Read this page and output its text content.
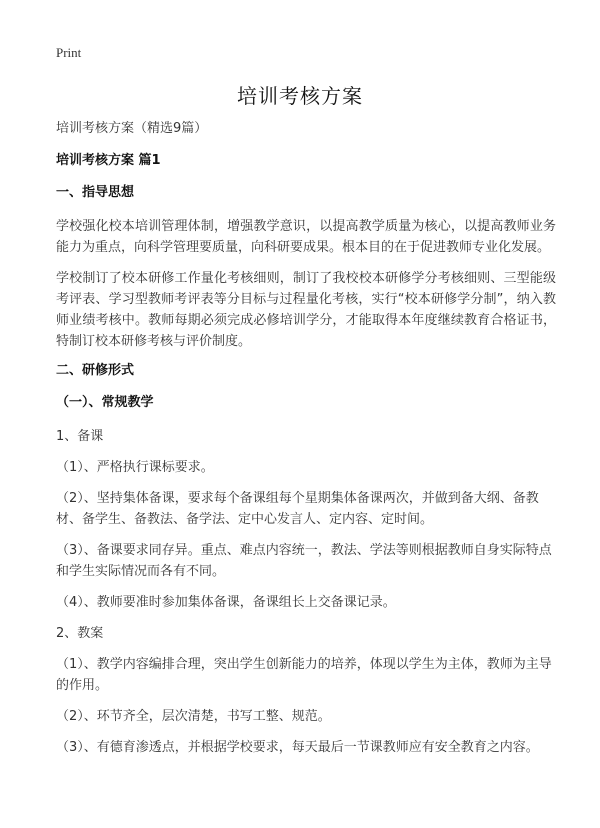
Print
培训考核方案

培训考核方案（精选9篇）

培训考核方案 篇1

一、指导思想

学校强化校本培训管理体制，增强教学意识，以提高教学质量为核心，以提高教师业务能力为重点，向科学管理要质量，向科研要成果。根本目的在于促进教师专业化发展。

学校制订了校本研修工作量化考核细则，制订了我校校本研修学分考核细则、三型能级考评表、学习型教师考评表等分目标与过程量化考核，实行“校本研修学分制”，纳入教师业绩考核中。教师每期必须完成必修培训学分，才能取得本年度继续教育合格证书，特制订校本研修考核与评价制度。

二、研修形式

（一）、常规教学

1、备课

（1）、严格执行课标要求。

（2）、坚持集体备课，要求每个备课组每个星期集体备课两次，并做到备大纲、备教材、备学生、备教法、备学法、定中心发言人、定内容、定时间。

（3）、备课要求同存异。重点、难点内容统一，教法、学法等则根据教师自身实际特点和学生实际情况而各有不同。

（4）、教师要准时参加集体备课，备课组长上交备课记录。

2、教案

（1）、教学内容编排合理，突出学生创新能力的培养，体现以学生为主体，教师为主导的作用。

（2）、环节齐全，层次清楚，书写工整、规范。

（3）、有德育渗透点，并根据学校要求，每天最后一节课教师应有安全教育之内容。
